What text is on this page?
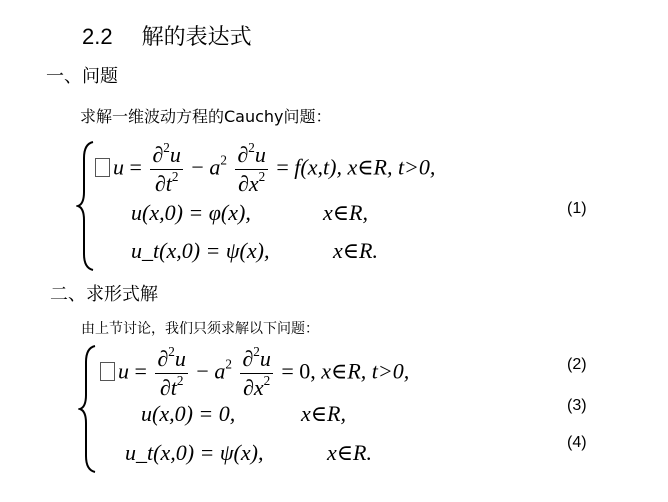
2.2 解的表达式
一、问题
求解一维波动方程的Cauchy问题：
$u = \frac{\partial^2u}{\partial t^2} - a^2 \frac{\partial^2u}{\partial x^2} = f(x,t)$, x∈R, t>0,
u(x,0) = φ(x),	x∈R,
u_t(x,0) = ψ(x),	x∈R.
(1)
二、求形式解
由上节讨论，我们只须求解以下问题：
$u = \frac{\partial^2u}{\partial t^2} - a^2 \frac{\partial^2u}{\partial x^2} = 0$, x∈R, t>0,
u(x,0) = 0,	x∈R,
u_t(x,0) = ψ(x),	x∈R.
(2)
(3)
(4)
